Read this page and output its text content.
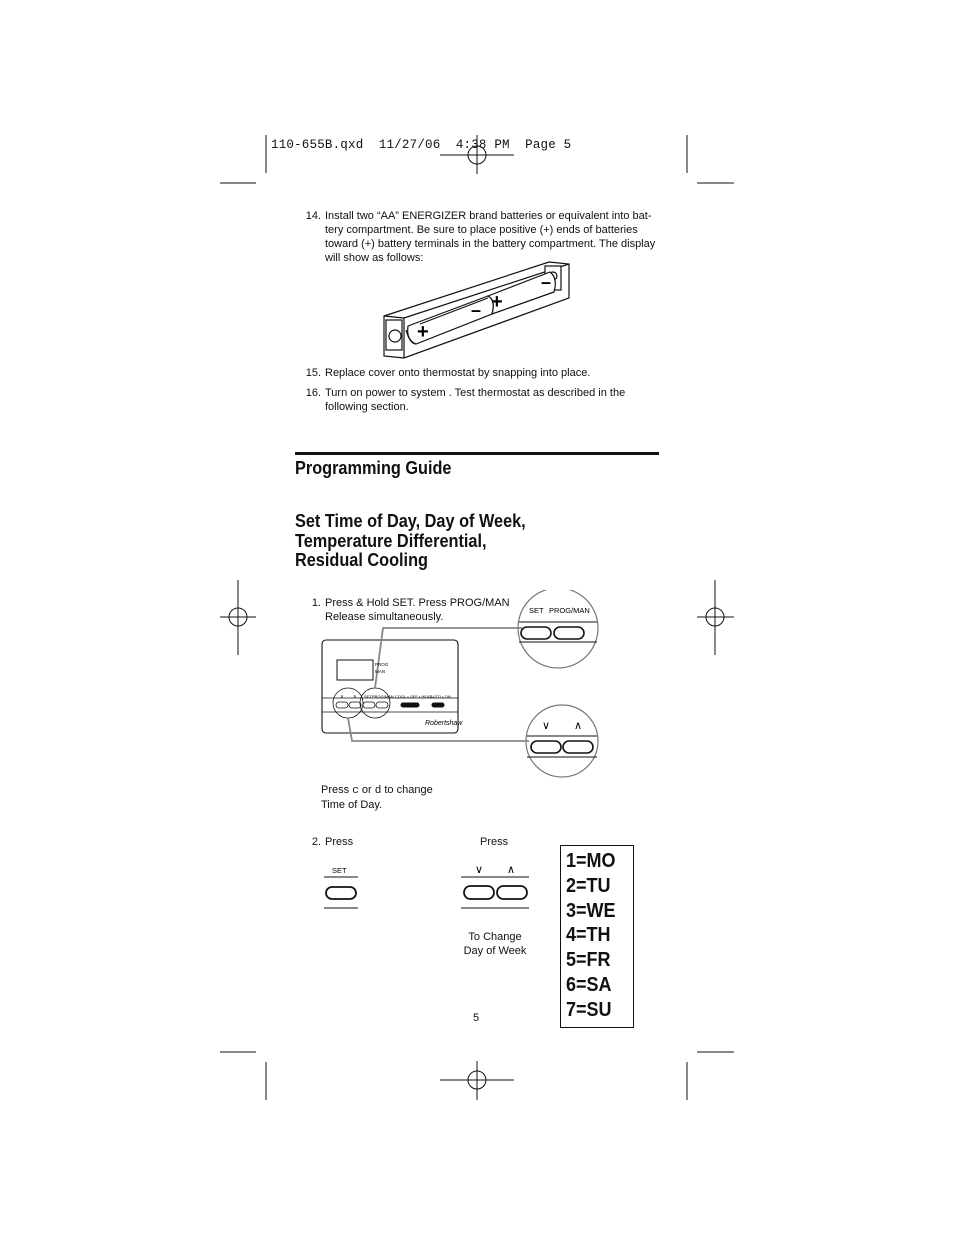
110-655B.qxd  11/27/06  4:38 PM  Page 5
14. Install two “AA” ENERGIZER brand batteries or equivalent into bat-
tery compartment. Be sure to place positive (+) ends of batteries
toward (+) battery terminals in the battery compartment. The display
will show as follows:
+
– +
–
15. Replace cover onto thermostat by snapping into place.
16. Turn on power to system . Test thermostat as described in the
following section.
Programming Guide
Set Time of Day, Day of Week,
Temperature Differential,
Residual Cooling
1. Press & Hold SET. Press PROG/MAN
Release simultaneously.
PROG
MAN
∨ ∧ SET PROG/MAN COOL • OFF • HEAT
AUTO • ON
Robertshaw
SET PROG/MAN
∨ ∧
Press c or d to change
Time of Day.
2. Press
SET
Press
∨ ∧
To Change
Day of Week
1=MO
2=TU
3=WE
4=TH
5=FR
6=SA
7=SU
5
